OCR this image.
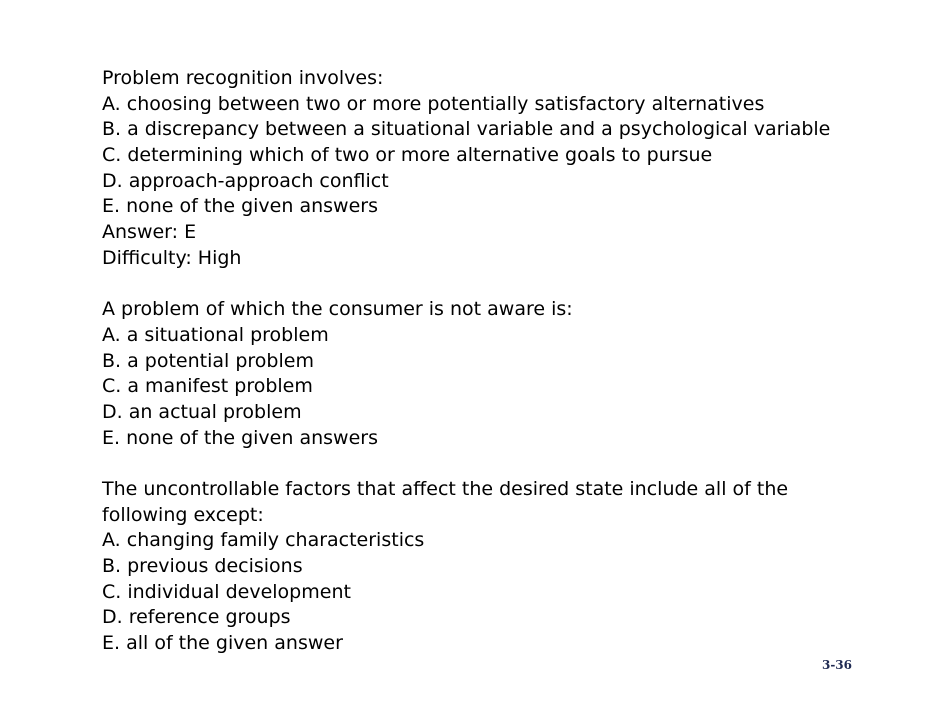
Problem recognition involves:
A. choosing between two or more potentially satisfactory alternatives
B. a discrepancy between a situational variable and a psychological variable
C. determining which of two or more alternative goals to pursue
D. approach-approach conflict
E. none of the given answers
Answer: E
Difficulty: High
A problem of which the consumer is not aware is:
A. a situational problem
B. a potential problem
C. a manifest problem
D. an actual problem
E. none of the given answers
The uncontrollable factors that affect the desired state include all of the
following except:
A. changing family characteristics
B. previous decisions
C. individual development
D. reference groups
E. all of the given answer
3-36
